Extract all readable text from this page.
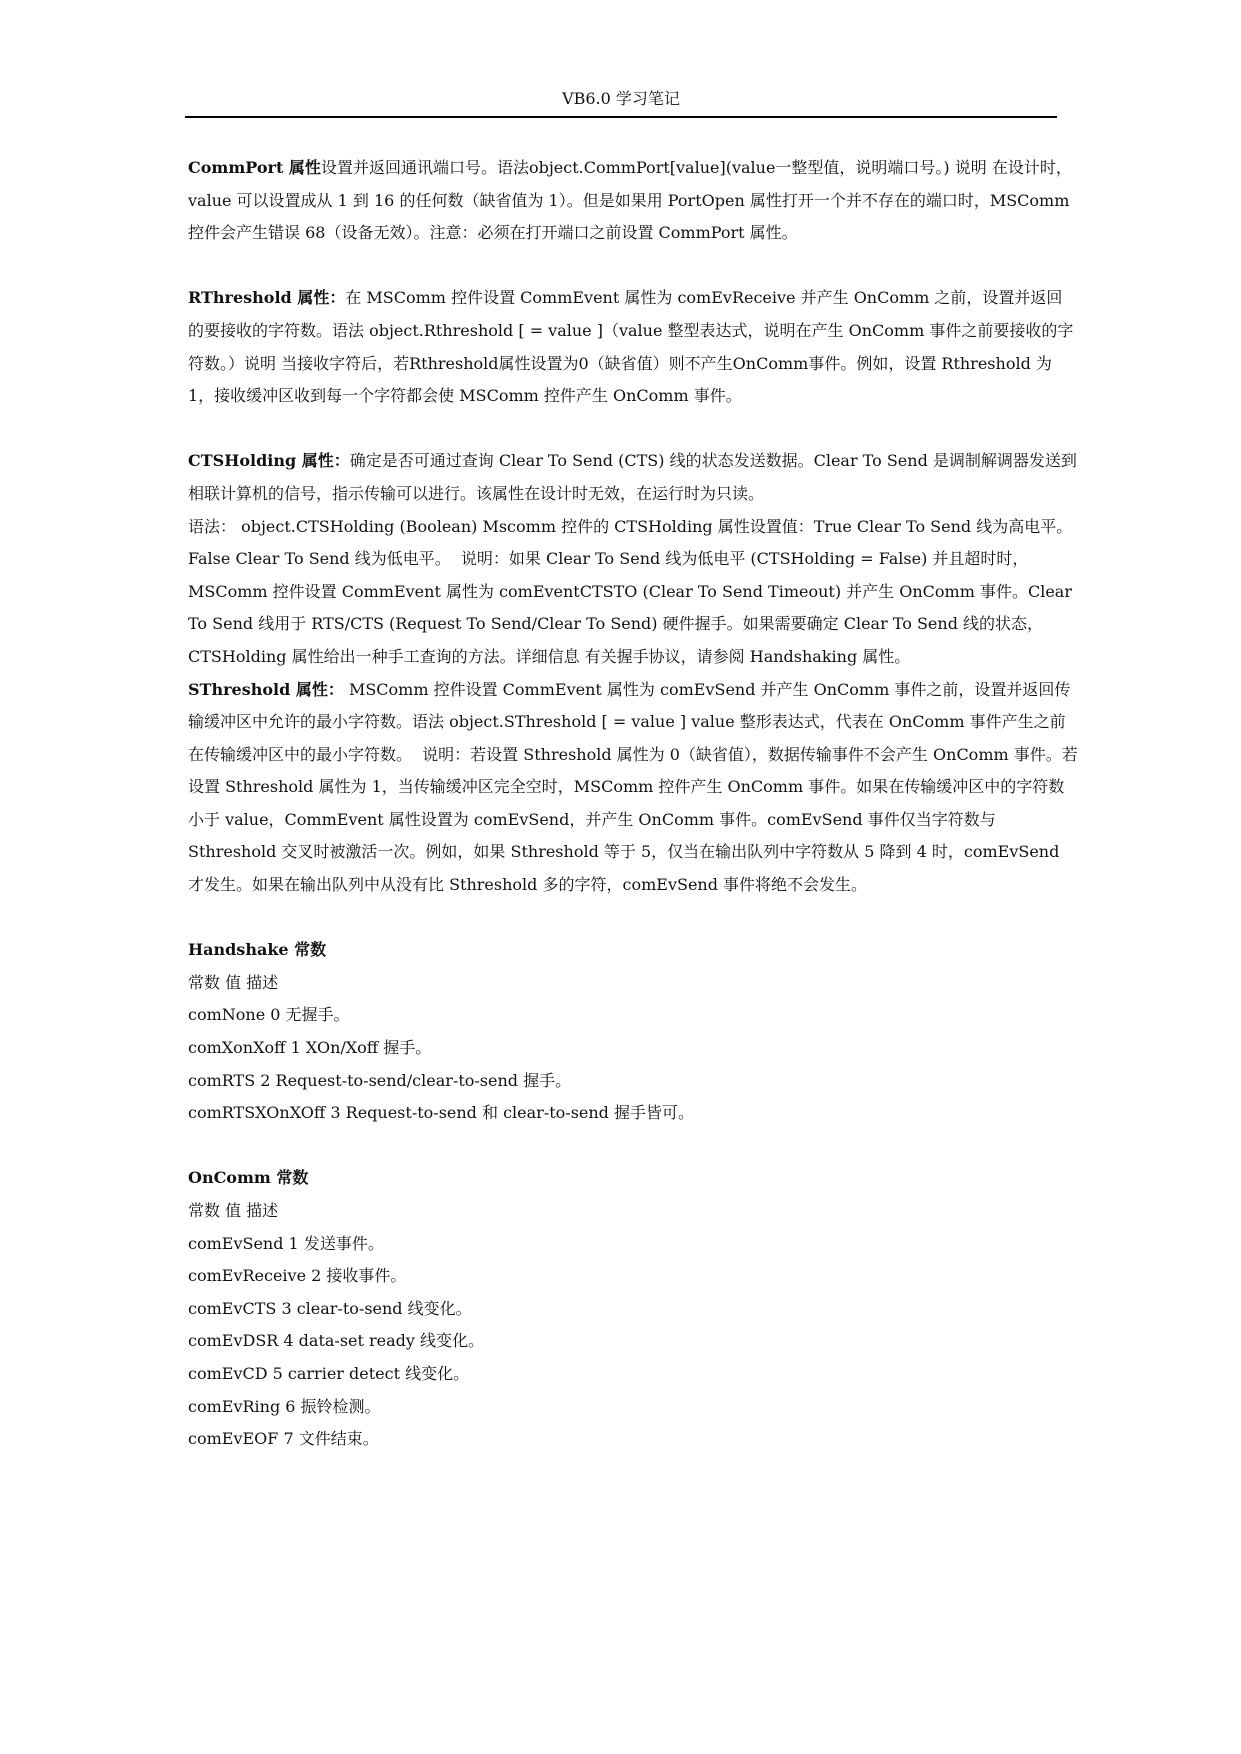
VB6.0 学习笔记
CommPort 属性设置并返回通讯端口号。语法object.CommPort[value](value一整型值，说明端口号。) 说明 在设计时，value 可以设置成从 1 到 16 的任何数（缺省值为 1）。但是如果用 PortOpen 属性打开一个并不存在的端口时，MSComm 控件会产生错误 68（设备无效）。注意：必须在打开端口之前设置 CommPort 属性。
RThreshold 属性：在 MSComm 控件设置 CommEvent 属性为 comEvReceive 并产生 OnComm 之前，设置并返回的要接收的字符数。语法 object.Rthreshold [ = value ]（value 整型表达式，说明在产生 OnComm 事件之前要接收的字符数。）说明 当接收字符后，若Rthreshold属性设置为0（缺省值）则不产生OnComm事件。例如，设置 Rthreshold 为 1，接收缓冲区收到每一个字符都会使 MSComm 控件产生 OnComm 事件。
CTSHolding 属性：确定是否可通过查询 Clear To Send (CTS) 线的状态发送数据。Clear To Send 是调制解调器发送到相联计算机的信号，指示传输可以进行。该属性在设计时无效，在运行时为只读。
语法： object.CTSHolding (Boolean) Mscomm 控件的 CTSHolding 属性设置值：True Clear To Send 线为高电平。  False Clear To Send 线为低电平。  说明：如果 Clear To Send 线为低电平 (CTSHolding = False) 并且超时时，MSComm 控件设置 CommEvent 属性为 comEventCTSTO (Clear To Send Timeout) 并产生 OnComm 事件。Clear To Send 线用于 RTS/CTS (Request To Send/Clear To Send) 硬件握手。如果需要确定 Clear To Send 线的状态，CTSHolding 属性给出一种手工查询的方法。详细信息 有关握手协议，请参阅 Handshaking 属性。
SThreshold 属性： MSComm 控件设置 CommEvent 属性为 comEvSend 并产生 OnComm 事件之前，设置并返回传输缓冲区中允许的最小字符数。语法 object.SThreshold [ = value ] value 整形表达式，代表在 OnComm 事件产生之前在传输缓冲区中的最小字符数。  说明：若设置 Sthreshold 属性为 0（缺省值），数据传输事件不会产生 OnComm 事件。若设置 Sthreshold 属性为 1，当传输缓冲区完全空时，MSComm 控件产生 OnComm 事件。如果在传输缓冲区中的字符数小于 value，CommEvent 属性设置为 comEvSend，并产生 OnComm 事件。comEvSend 事件仅当字符数与 Sthreshold 交叉时被激活一次。例如，如果 Sthreshold 等于 5，仅当在输出队列中字符数从 5 降到 4 时，comEvSend 才发生。如果在输出队列中从没有比 Sthreshold 多的字符，comEvSend 事件将绝不会发生。
Handshake 常数
常数 值 描述
comNone 0 无握手。
comXonXoff 1 XOn/Xoff 握手。
comRTS 2 Request-to-send/clear-to-send 握手。
comRTSXOnXOff 3 Request-to-send 和 clear-to-send 握手皆可。
OnComm 常数
常数 值 描述
comEvSend 1 发送事件。
comEvReceive 2 接收事件。
comEvCTS 3 clear-to-send 线变化。
comEvDSR 4 data-set ready 线变化。
comEvCD 5 carrier detect 线变化。
comEvRing 6 振铃检测。
comEvEOF 7 文件结束。
